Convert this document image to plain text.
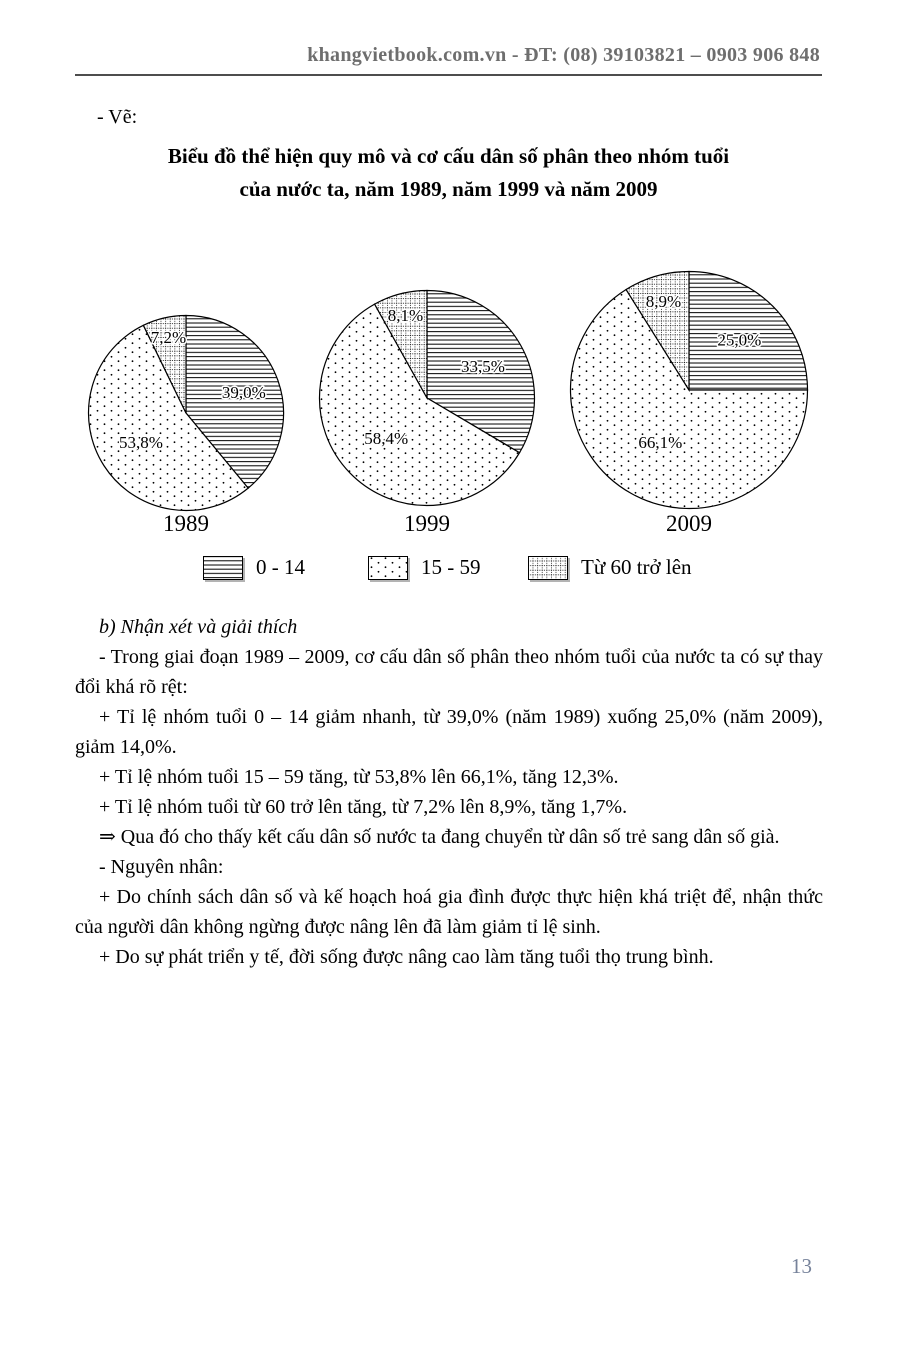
khangvietbook.com.vn - ĐT: (08) 39103821 – 0903 906 848
- Vẽ:
Biểu đồ thể hiện quy mô và cơ cấu dân số phân theo nhóm tuổi
của nước ta, năm 1989, năm 1999 và năm 2009
1989	1999	2009
0 - 14	15 - 59	Từ 60 trở lên

b) Nhận xét và giải thích

- Trong giai đoạn 1989 – 2009, cơ cấu dân số phân theo nhóm tuổi của nước ta có sự thay đổi khá rõ rệt:

+ Tỉ lệ nhóm tuổi 0 – 14 giảm nhanh, từ 39,0% (năm 1989) xuống 25,0% (năm 2009), giảm 14,0%.

+ Tỉ lệ nhóm tuổi 15 – 59 tăng, từ 53,8% lên 66,1%, tăng 12,3%.

+ Tỉ lệ nhóm tuổi từ 60 trở lên tăng, từ 7,2% lên 8,9%, tăng 1,7%.

⇒ Qua đó cho thấy kết cấu dân số nước ta đang chuyển từ dân số trẻ sang dân số già.

- Nguyên nhân:

+ Do chính sách dân số và kế hoạch hoá gia đình được thực hiện khá triệt để, nhận thức của người dân không ngừng được nâng lên đã làm giảm tỉ lệ sinh.

+ Do sự phát triển y tế, đời sống được nâng cao làm tăng tuổi thọ trung bình.

13
39,0%
53,8%
7,2%
33,5%
58,4%
8,1%
25,0%
66,1%
8,9%
